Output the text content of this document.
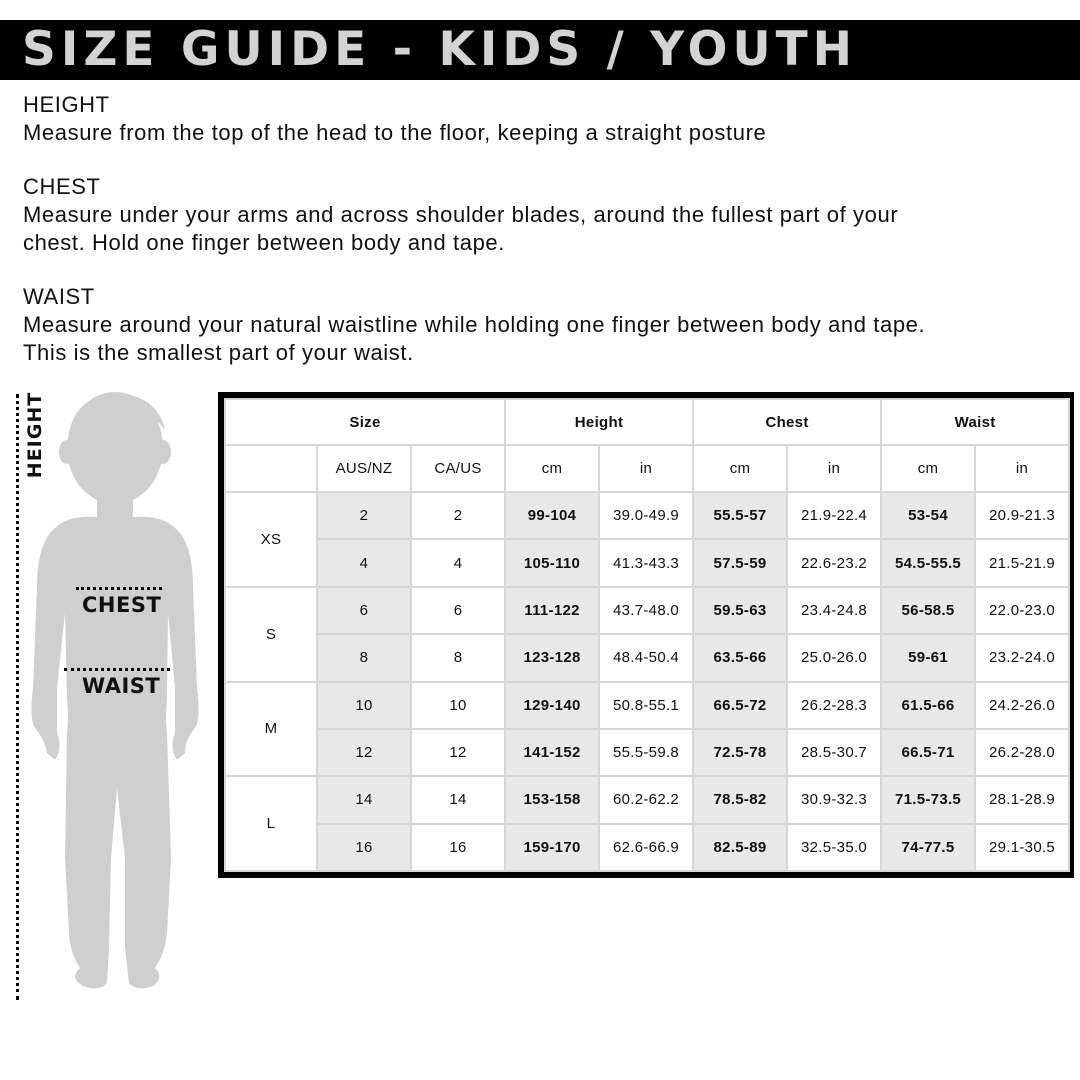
SIZE GUIDE - KIDS / YOUTH

HEIGHT

Measure from the top of the head to the floor, keeping a straight posture

CHEST

Measure under your arms and across shoulder blades, around the fullest part of your
chest. Hold one finger between body and tape.

WAIST

Measure around your natural waistline while holding one finger between body and tape.
This is the smallest part of your waist.

HEIGHT
CHEST
WAIST
Size			Height		Chest		Waist	
	AUS/NZ	CA/US	cm	in	cm	in	cm	in
XS	2	2	99-104	39.0-49.9	55.5-57	21.9-22.4	53-54	20.9-21.3
	4	4	105-110	41.3-43.3	57.5-59	22.6-23.2	54.5-55.5	21.5-21.9
S	6	6	111-122	43.7-48.0	59.5-63	23.4-24.8	56-58.5	22.0-23.0
	8	8	123-128	48.4-50.4	63.5-66	25.0-26.0	59-61	23.2-24.0
M	10	10	129-140	50.8-55.1	66.5-72	26.2-28.3	61.5-66	24.2-26.0
	12	12	141-152	55.5-59.8	72.5-78	28.5-30.7	66.5-71	26.2-28.0
L	14	14	153-158	60.2-62.2	78.5-82	30.9-32.3	71.5-73.5	28.1-28.9
	16	16	159-170	62.6-66.9	82.5-89	32.5-35.0	74-77.5	29.1-30.5
